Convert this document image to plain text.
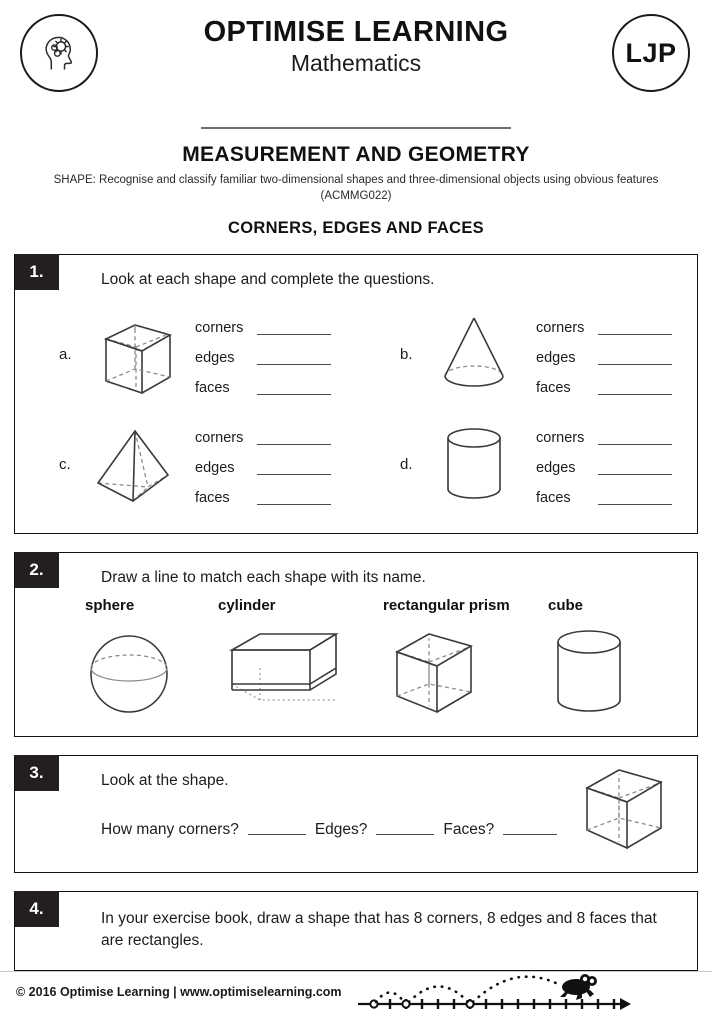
OPTIMISE LEARNING
Mathematics	LJP
MEASUREMENT AND GEOMETRY
SHAPE: Recognise and classify familiar two-dimensional shapes and three-dimensional objects using obvious features (ACMMG022)
CORNERS, EDGES AND FACES
1.	Look at each shape and complete the questions.
a.
corners
edges
faces
b.
corners
edges
faces
c.
corners
edges
faces
d.
corners
edges
faces
2.	Draw a line to match each shape with its name.
sphere	cylinder	rectangular prism	cube
3.	Look at the shape.
How many corners?	Edges?	Faces?
4.	In your exercise book, draw a shape that has 8 corners, 8 edges and 8 faces that are rectangles.
© 2016 Optimise Learning | www.optimiselearning.com
